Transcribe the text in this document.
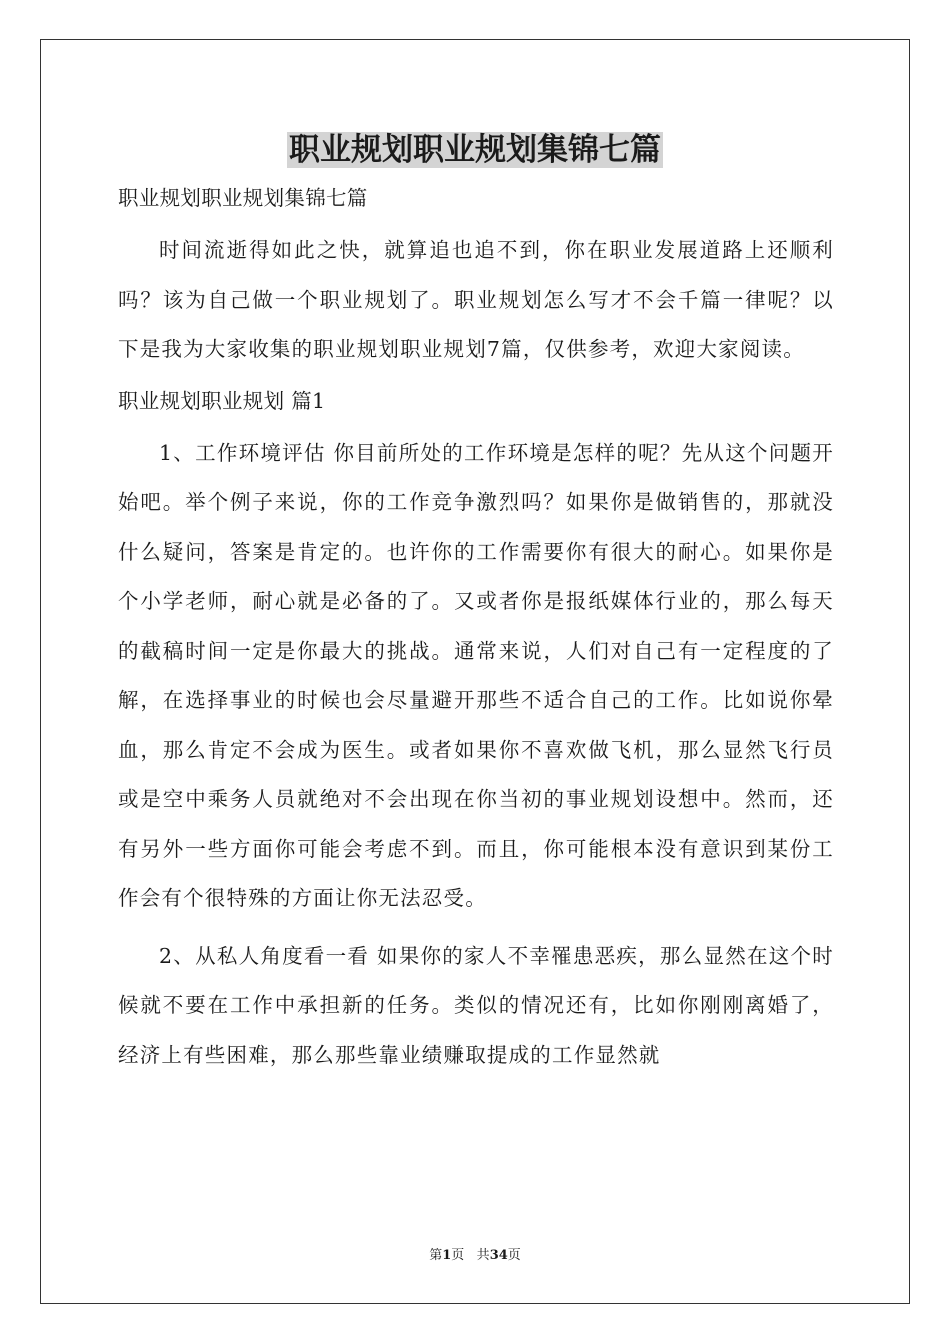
职业规划职业规划集锦七篇

职业规划职业规划集锦七篇

时间流逝得如此之快，就算追也追不到，你在职业发展道路上还顺利吗？该为自己做一个职业规划了。职业规划怎么写才不会千篇一律呢？以下是我为大家收集的职业规划职业规划7篇，仅供参考，欢迎大家阅读。

职业规划职业规划 篇1

1、工作环境评估 你目前所处的工作环境是怎样的呢？先从这个问题开始吧。举个例子来说，你的工作竞争激烈吗？如果你是做销售的，那就没什么疑问，答案是肯定的。也许你的工作需要你有很大的耐心。如果你是个小学老师，耐心就是必备的了。又或者你是报纸媒体行业的，那么每天的截稿时间一定是你最大的挑战。通常来说，人们对自己有一定程度的了解，在选择事业的时候也会尽量避开那些不适合自己的工作。比如说你晕血，那么肯定不会成为医生。或者如果你不喜欢做飞机，那么显然飞行员或是空中乘务人员就绝对不会出现在你当初的事业规划设想中。然而，还有另外一些方面你可能会考虑不到。而且，你可能根本没有意识到某份工作会有个很特殊的方面让你无法忍受。

2、从私人角度看一看 如果你的家人不幸罹患恶疾，那么显然在这个时候就不要在工作中承担新的任务。类似的情况还有，比如你刚刚离婚了，经济上有些困难，那么那些靠业绩赚取提成的工作显然就

第1页 共34页
